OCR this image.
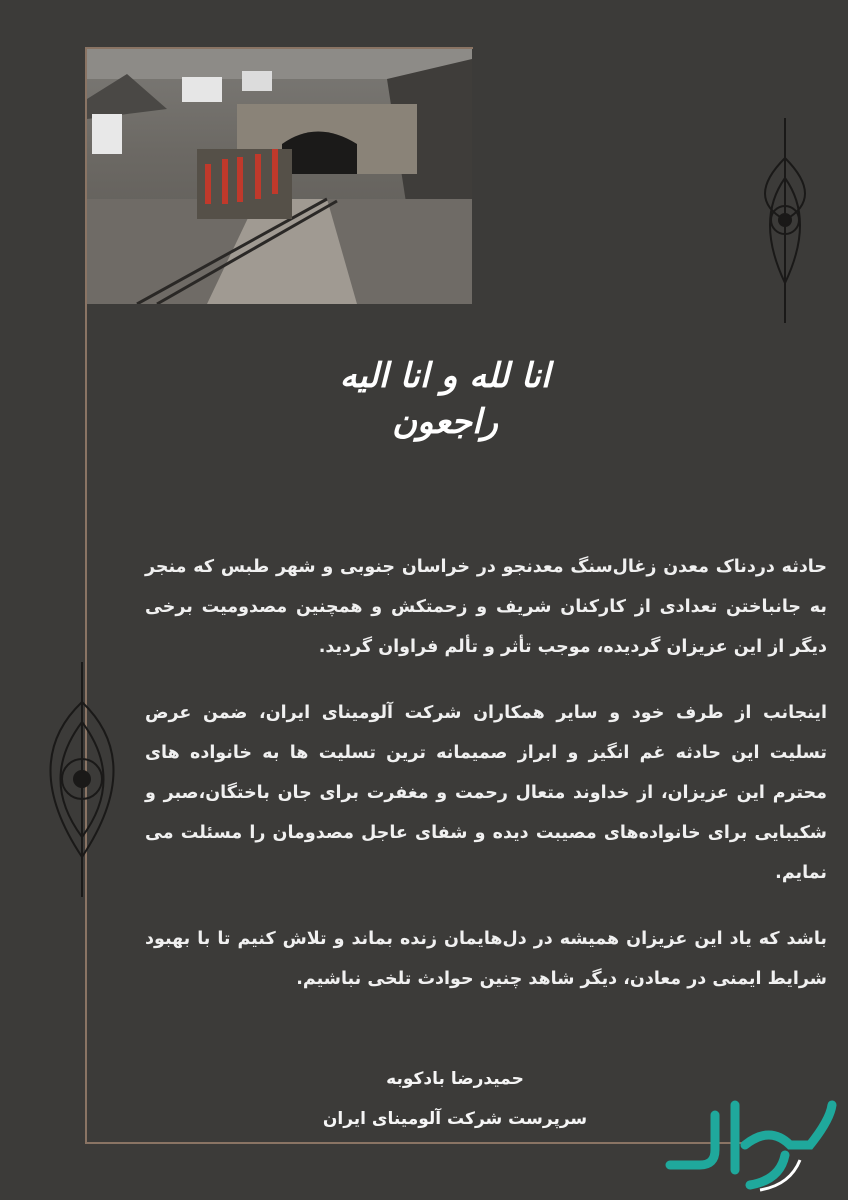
انا لله و انا الیه راجعون

حادثه دردناک معدن زغال‌سنگ معدنجو در خراسان جنوبی و شهر طبس که منجر به جانباختن تعدادی از کارکنان شریف و زحمتکش و همچنین مصدومیت برخی دیگر از این عزیزان گردیده، موجب تأثر و تألم فراوان گردید.

اینجانب از طرف خود و سایر همکاران شرکت آلومینای ایران، ضمن عرض تسلیت این حادثه غم انگیز و ابراز صمیمانه ترین تسلیت ها به خانواده های محترم این عزیزان، از خداوند متعال رحمت و مغفرت برای جان باختگان،صبر و شکیبایی برای خانواده‌های مصیبت دیده و شفای عاجل مصدومان را مسئلت می نمایم.

باشد که یاد این عزیزان همیشه در دل‌هایمان زنده بماند و تلاش کنیم تا با بهبود شرایط ایمنی در معادن، دیگر شاهد چنین حوادث تلخی نباشیم.

حمیدرضا بادکوبه
سرپرست شرکت آلومینای ایران
